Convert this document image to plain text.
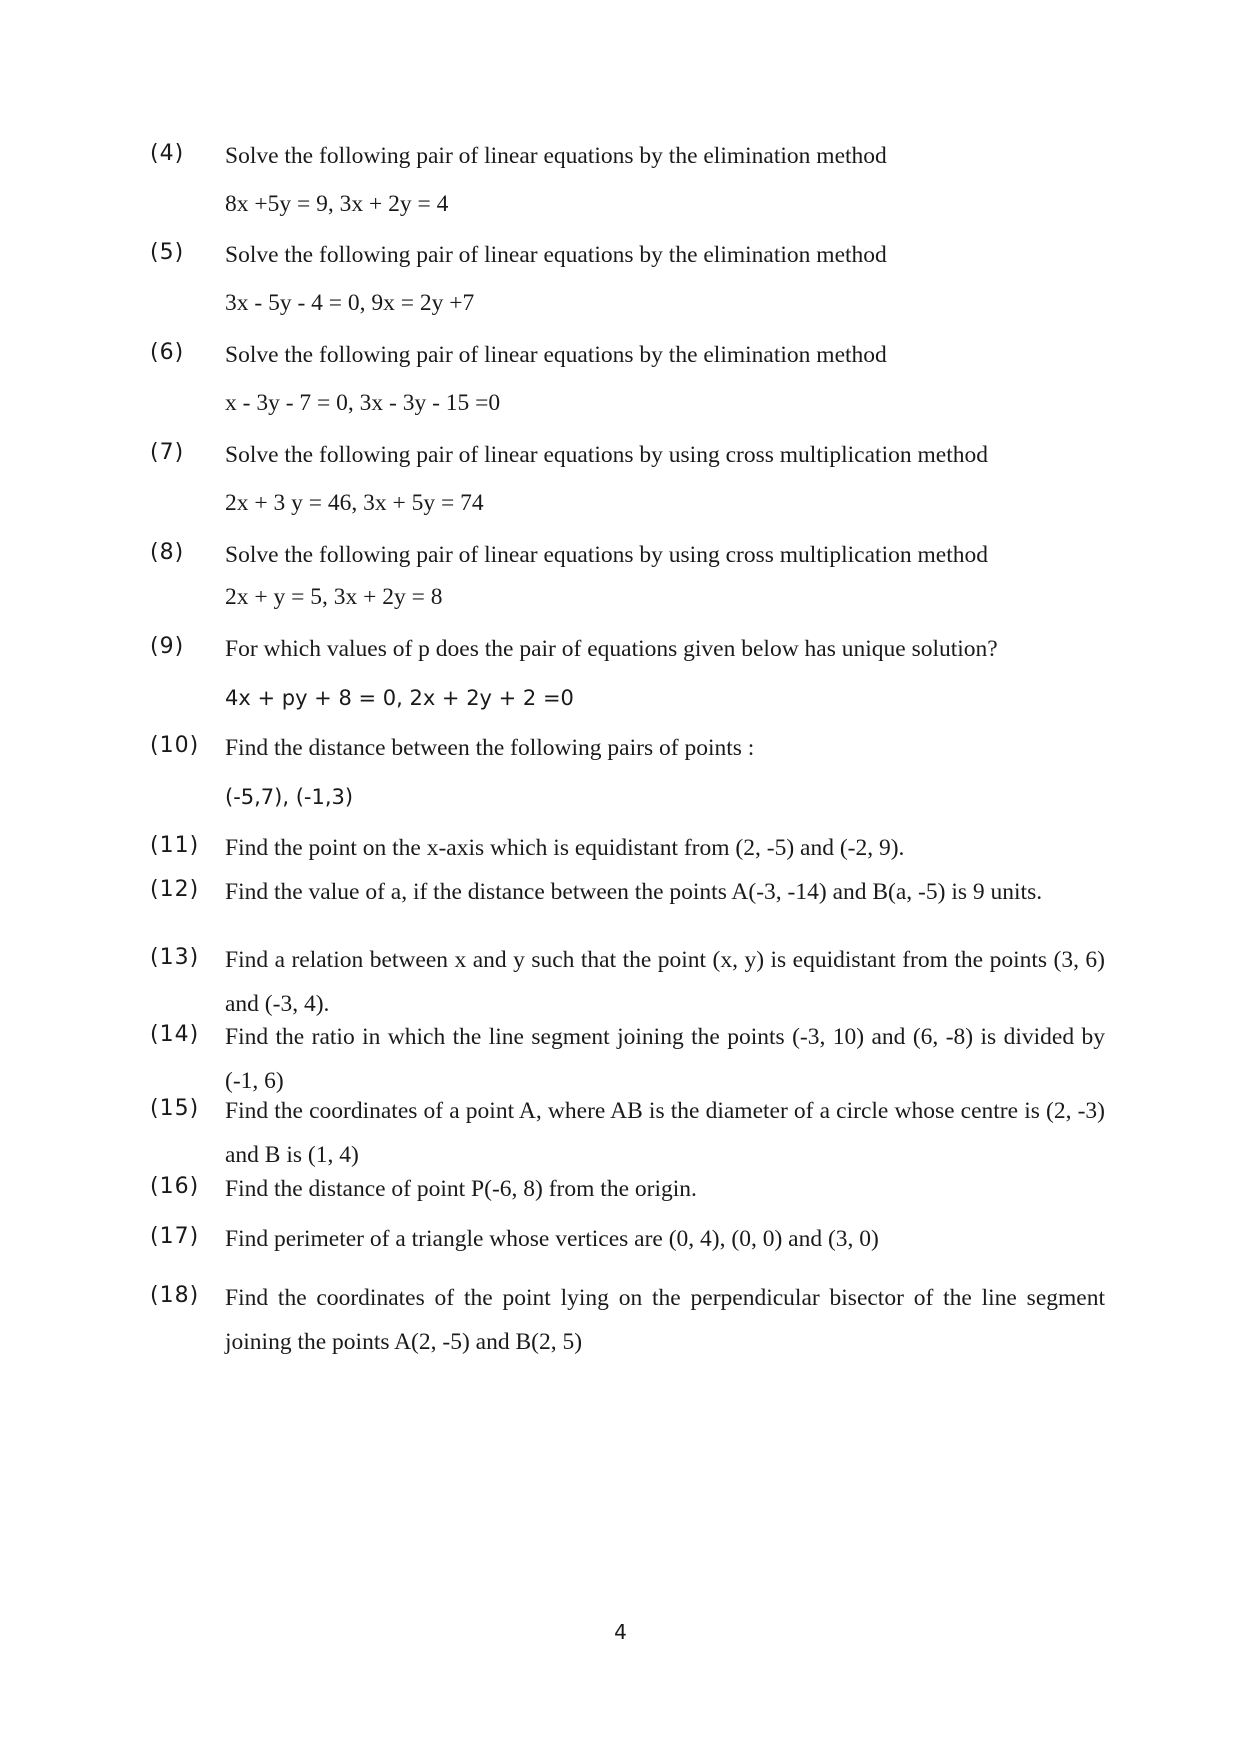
(4) Solve the following pair of linear equations by the elimination method
8x +5y = 9, 3x + 2y = 4
(5) Solve the following pair of linear equations by the elimination method
3x - 5y - 4 = 0, 9x = 2y +7
(6) Solve the following pair of linear equations by the elimination method
x - 3y - 7 = 0, 3x - 3y - 15 =0
(7) Solve the following pair of linear equations by using cross multiplication method
2x + 3 y = 46, 3x + 5y = 74
(8) Solve the following pair of linear equations by using cross multiplication method
2x + y = 5, 3x + 2y = 8
(9) For which values of p does the pair of equations given below has unique solution?
4x + py + 8 = 0, 2x + 2y + 2 =0
(10) Find the distance between the following pairs of points :
(-5,7), (-1,3)
(11) Find the point on the x-axis which is equidistant from (2, -5) and (-2, 9).
(12) Find the value of a, if the distance between the points A(-3, -14) and B(a, -5) is 9 units.
(13) Find a relation between x and y such that the point (x, y) is equidistant from the points (3, 6) and (-3, 4).
(14) Find the ratio in which the line segment joining the points (-3, 10) and (6, -8) is divided by (-1, 6)
(15) Find the coordinates of a point A, where AB is the diameter of a circle whose centre is (2, -3) and B is (1, 4)
(16) Find the distance of point P(-6, 8) from the origin.
(17) Find perimeter of a triangle whose vertices are (0, 4), (0, 0) and (3, 0)
(18) Find the coordinates of the point lying on the perpendicular bisector of the line segment joining the points A(2, -5) and B(2, 5)
4
